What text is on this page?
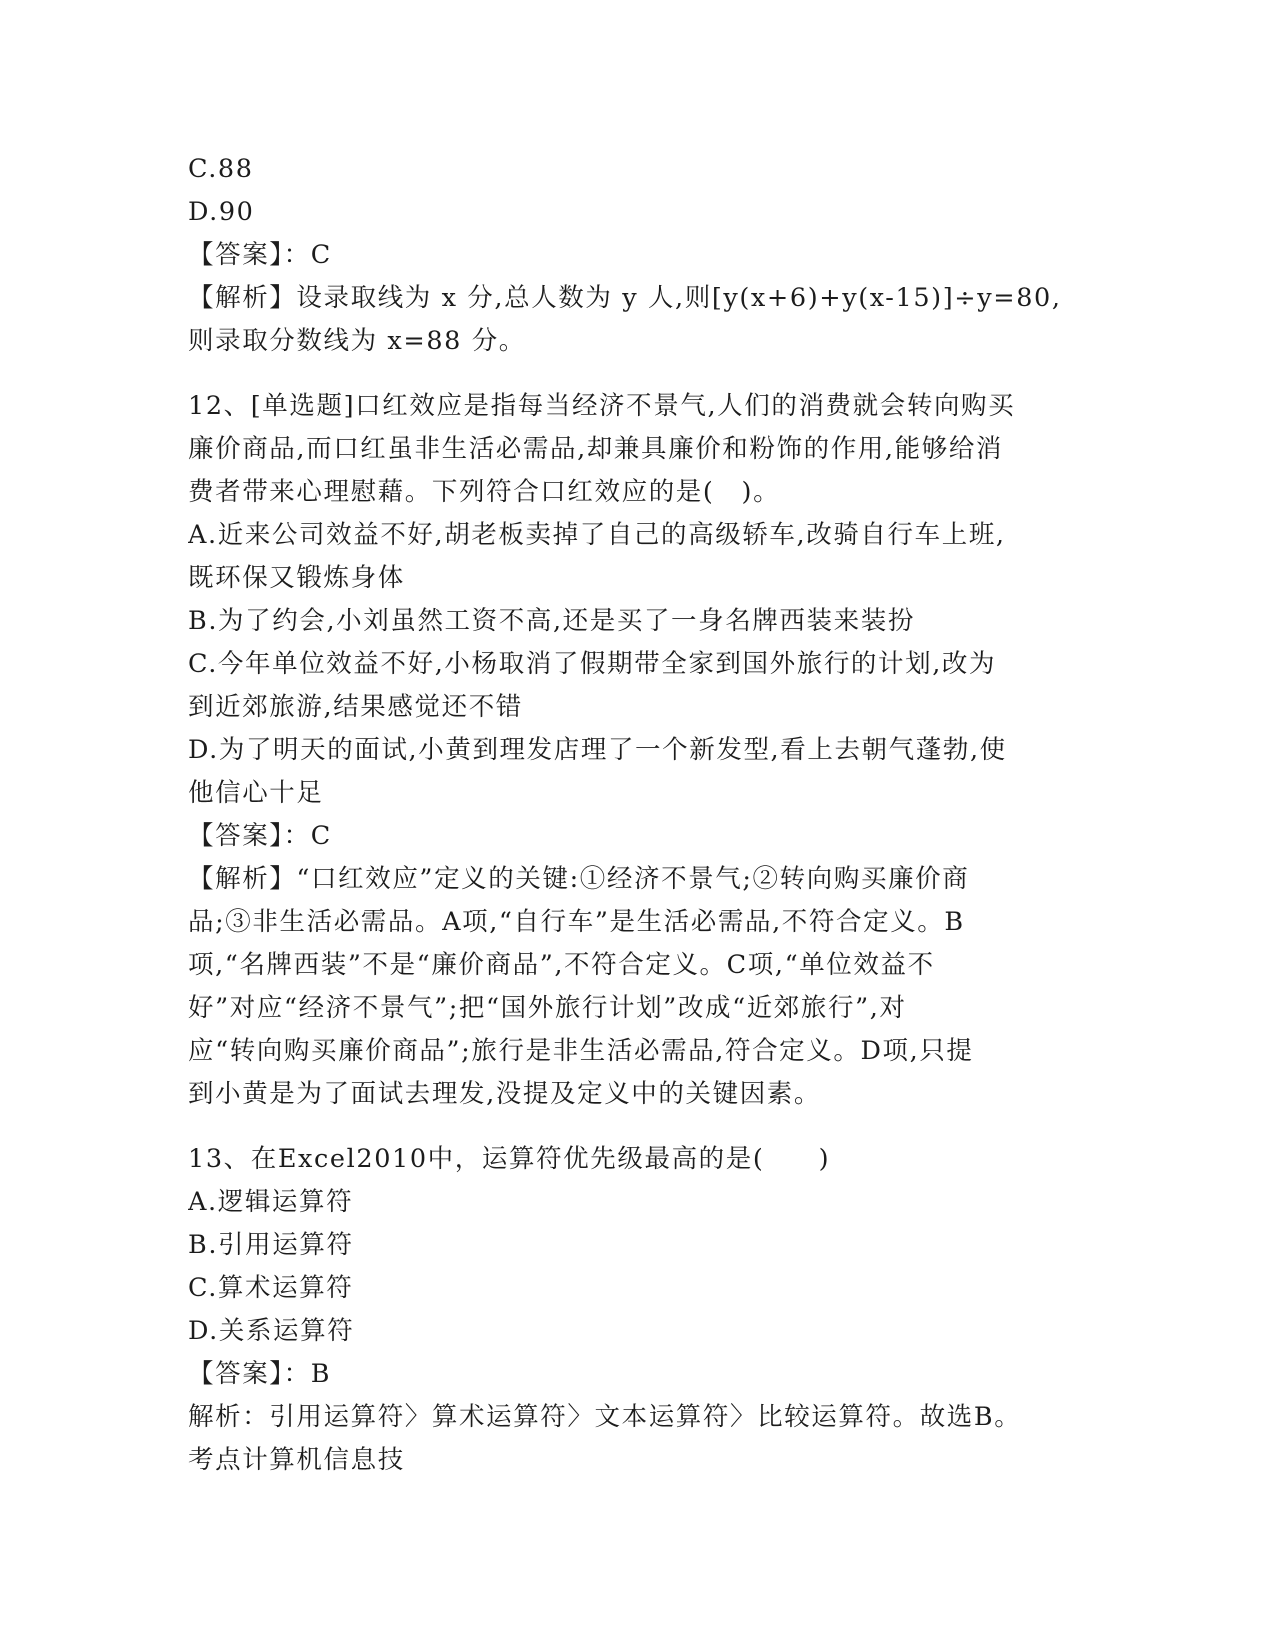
C.88

D.90

【答案】：C

【解析】设录取线为 x 分,总人数为 y 人,则[y(x+6)+y(x-15)]÷y=80,

则录取分数线为 x=88 分。

12、[单选题]口红效应是指每当经济不景气,人们的消费就会转向购买

廉价商品,而口红虽非生活必需品,却兼具廉价和粉饰的作用,能够给消

费者带来心理慰藉。下列符合口红效应的是(　)。

A.近来公司效益不好,胡老板卖掉了自己的高级轿车,改骑自行车上班,

既环保又锻炼身体

B.为了约会,小刘虽然工资不高,还是买了一身名牌西装来装扮

C.今年单位效益不好,小杨取消了假期带全家到国外旅行的计划,改为

到近郊旅游,结果感觉还不错

D.为了明天的面试,小黄到理发店理了一个新发型,看上去朝气蓬勃,使

他信心十足

【答案】：C

【解析】“口红效应”定义的关键:①经济不景气;②转向购买廉价商

品;③非生活必需品。A项,“自行车”是生活必需品,不符合定义。B

项,“名牌西装”不是“廉价商品”,不符合定义。C项,“单位效益不

好”对应“经济不景气”;把“国外旅行计划”改成“近郊旅行”,对

应“转向购买廉价商品”;旅行是非生活必需品,符合定义。D项,只提

到小黄是为了面试去理发,没提及定义中的关键因素。

13、在Excel2010中，运算符优先级最高的是(　　)

A.逻辑运算符

B.引用运算符

C.算术运算符

D.关系运算符

【答案】：B

解析：引用运算符〉算术运算符〉文本运算符〉比较运算符。故选B。

考点计算机信息技
